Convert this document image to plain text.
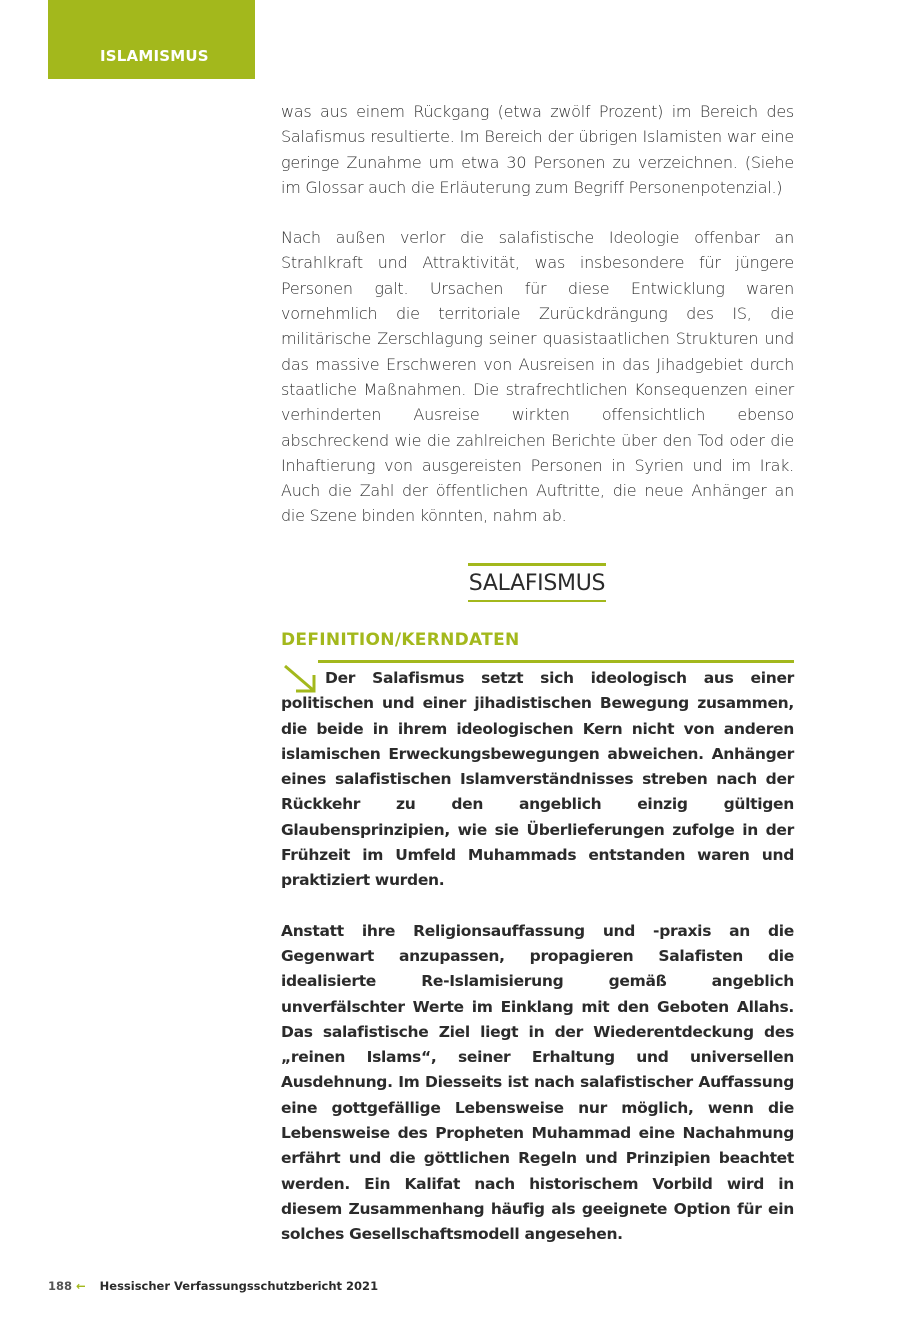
ISLAMISMUS

was aus einem Rückgang (etwa zwölf Prozent) im Bereich des Salafismus resultierte. Im Bereich der übrigen Islamisten war eine geringe Zunahme um etwa 30 Personen zu verzeichnen. (Siehe im Glossar auch die Erläuterung zum Begriff Personenpotenzial.)

Nach außen verlor die salafistische Ideologie offenbar an Strahlkraft und Attraktivität, was insbesondere für jüngere Personen galt. Ursachen für diese Entwicklung waren vornehmlich die territoriale Zurückdrängung des IS, die militärische Zerschlagung seiner quasistaatlichen Strukturen und das massive Erschweren von Ausreisen in das Jihadgebiet durch staatliche Maßnahmen. Die strafrechtlichen Konsequenzen einer verhinderten Ausreise wirkten offensichtlich ebenso abschreckend wie die zahlreichen Berichte über den Tod oder die Inhaftierung von ausgereisten Personen in Syrien und im Irak. Auch die Zahl der öffentlichen Auftritte, die neue Anhänger an die Szene binden könnten, nahm ab.

SALAFISMUS
DEFINITION/KERNDATEN

Der Salafismus setzt sich ideologisch aus einer politischen und einer jihadistischen Bewegung zusammen, die beide in ihrem ideologischen Kern nicht von anderen islamischen Erweckungsbewegungen abweichen. Anhänger eines salafistischen Islamverständnisses streben nach der Rückkehr zu den angeblich einzig gültigen Glaubensprinzipien, wie sie Überlieferungen zufolge in der Frühzeit im Umfeld Muhammads entstanden waren und praktiziert wurden.

Anstatt ihre Religionsauffassung und -praxis an die Gegenwart anzupassen, propagieren Salafisten die idealisierte Re-Islamisierung gemäß angeblich unverfälschter Werte im Einklang mit den Geboten Allahs. Das salafistische Ziel liegt in der Wiederentdeckung des „reinen Islams“, seiner Erhaltung und universellen Ausdehnung. Im Diesseits ist nach salafistischer Auffassung eine gottgefällige Lebensweise nur möglich, wenn die Lebensweise des Propheten Muhammad eine Nachahmung erfährt und die göttlichen Regeln und Prinzipien beachtet werden. Ein Kalifat nach historischem Vorbild wird in diesem Zusammenhang häufig als geeignete Option für ein solches Gesellschaftsmodell angesehen.

188 ← Hessischer Verfassungsschutzbericht 2021
